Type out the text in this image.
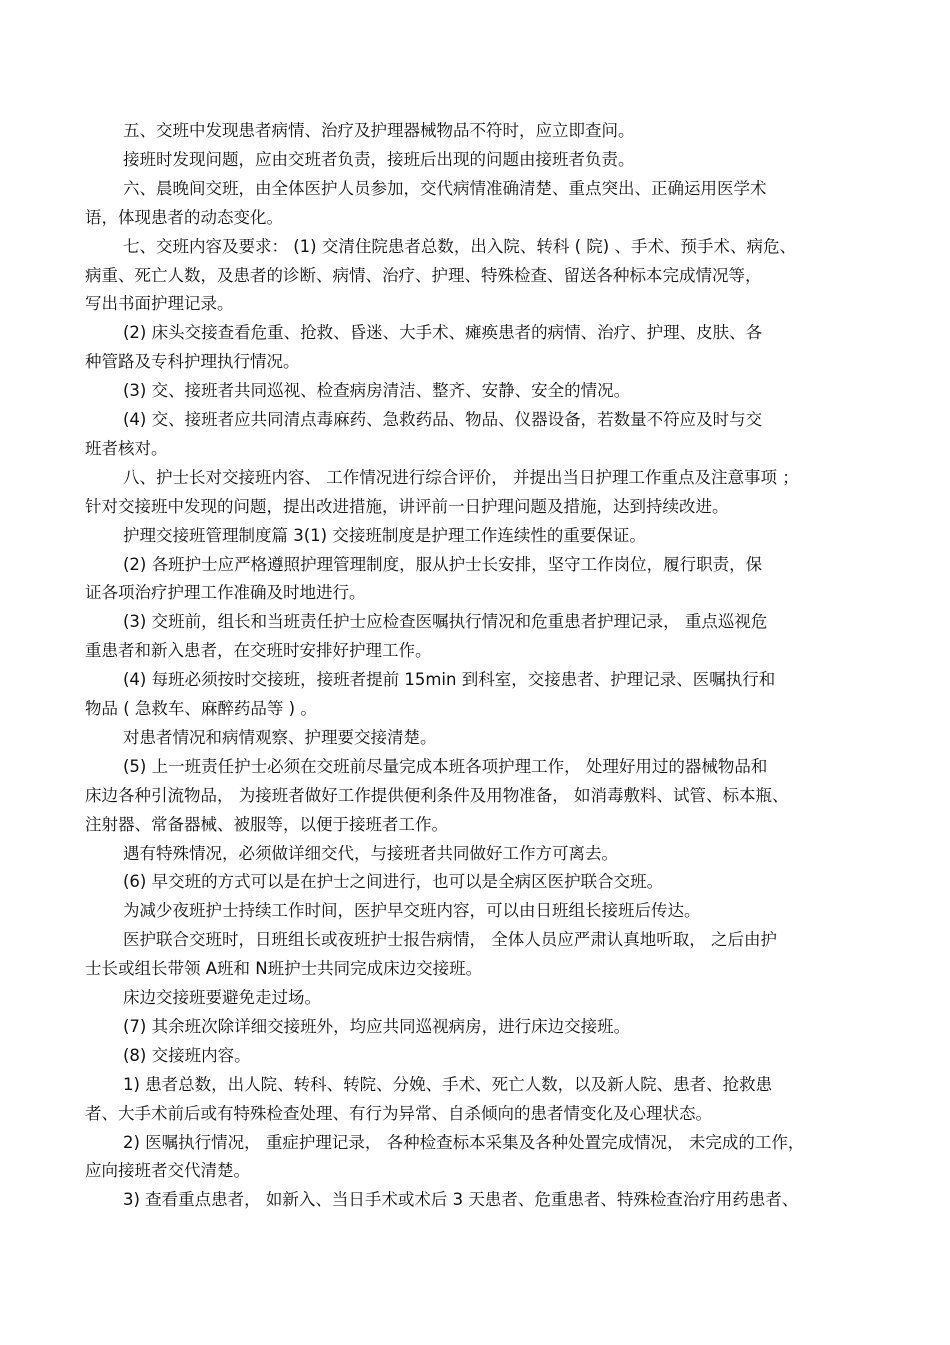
五、交班中发现患者病情、治疗及护理器械物品不符时，应立即查问。
接班时发现问题，应由交班者负责，接班后出现的问题由接班者负责。
六、晨晚间交班，由全体医护人员参加，交代病情准确清楚、重点突出、正确运用医学术
语，体现患者的动态变化。
七、交班内容及要求： (1) 交清住院患者总数，出入院、转科 ( 院) 、手术、预手术、病危、
病重、死亡人数，及患者的诊断、病情、治疗、护理、特殊检查、留送各种标本完成情况等，
写出书面护理记录。
(2) 床头交接查看危重、抢救、昏迷、大手术、瘫痪患者的病情、治疗、护理、皮肤、各
种管路及专科护理执行情况。
(3) 交、接班者共同巡视、检查病房清洁、整齐、安静、安全的情况。
(4) 交、接班者应共同清点毒麻药、急救药品、物品、仪器设备，若数量不符应及时与交
班者核对。
八、护士长对交接班内容、 工作情况进行综合评价， 并提出当日护理工作重点及注意事项 ；
针对交接班中发现的问题，提出改进措施，讲评前一日护理问题及措施，达到持续改进。
护理交接班管理制度篇 3(1) 交接班制度是护理工作连续性的重要保证。
(2) 各班护士应严格遵照护理管理制度，服从护士长安排，坚守工作岗位，履行职责，保
证各项治疗护理工作准确及时地进行。
(3) 交班前，组长和当班责任护士应检查医嘱执行情况和危重患者护理记录， 重点巡视危
重患者和新入患者，在交班时安排好护理工作。
(4) 每班必须按时交接班，接班者提前 15min 到科室，交接患者、护理记录、医嘱执行和
物品 ( 急救车、麻醉药品等 ) 。
对患者情况和病情观察、护理要交接清楚。
(5) 上一班责任护士必须在交班前尽量完成本班各项护理工作， 处理好用过的器械物品和
床边各种引流物品， 为接班者做好工作提供便利条件及用物准备， 如消毒敷料、试管、标本瓶、
注射器、常备器械、被服等，以便于接班者工作。
遇有特殊情况，必须做详细交代，与接班者共同做好工作方可离去。
(6) 早交班的方式可以是在护士之间进行，也可以是全病区医护联合交班。
为减少夜班护士持续工作时间，医护早交班内容，可以由日班组长接班后传达。
医护联合交班时，日班组长或夜班护士报告病情， 全体人员应严肃认真地听取， 之后由护
士长或组长带领 A班和 N班护士共同完成床边交接班。
床边交接班要避免走过场。
(7) 其余班次除详细交接班外，均应共同巡视病房，进行床边交接班。
(8) 交接班内容。
1) 患者总数，出人院、转科、转院、分娩、手术、死亡人数，以及新人院、患者、抢救患
者、大手术前后或有特殊检查处理、有行为异常、自杀倾向的患者情变化及心理状态。
2) 医嘱执行情况， 重症护理记录， 各种检查标本采集及各种处置完成情况， 未完成的工作，
应向接班者交代清楚。
3) 查看重点患者， 如新入、当日手术或术后 3 天患者、危重患者、特殊检查治疗用药患者、
